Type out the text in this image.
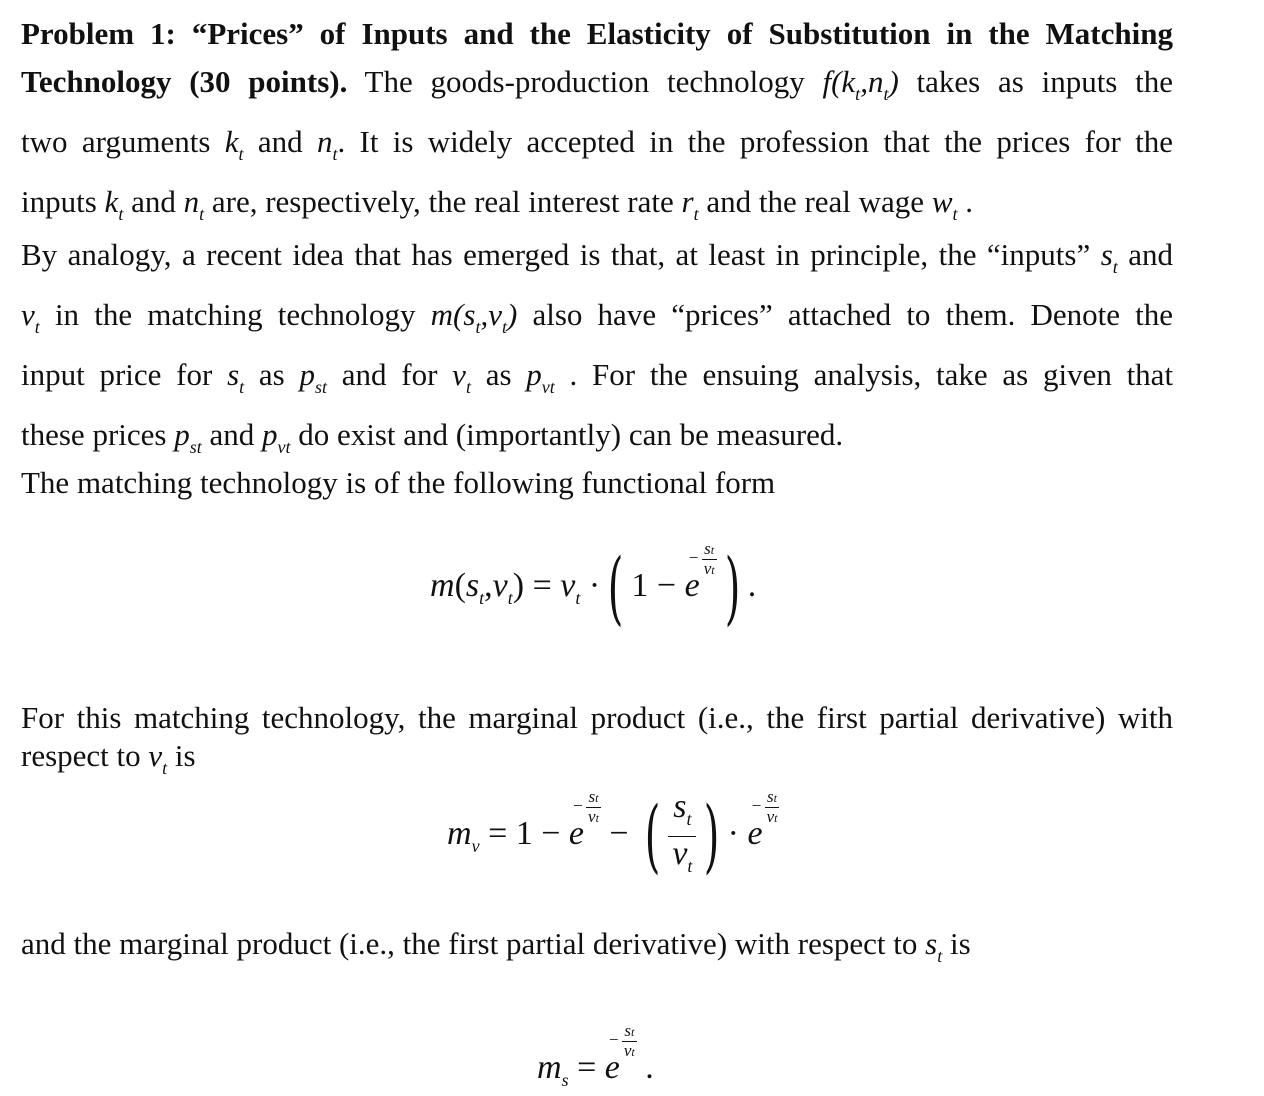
Problem 1: “Prices” of Inputs and the Elasticity of Substitution in the Matching
Technology (30 points). The goods-production technology $f(k_t,n_t)$ takes as inputs the
two arguments $k_t$ and $n_t$. It is widely accepted in the profession that the prices for the
inputs $k_t$ and $n_t$ are, respectively, the real interest rate $r_t$ and the real wage $w_t$ .
By analogy, a recent idea that has emerged is that, at least in principle, the “inputs” $s_t$ and
$v_t$ in the matching technology $m(s_t,v_t)$ also have “prices” attached to them. Denote the
input price for $s_t$ as $p_{st}$ and for $v_t$ as $p_{vt}$ . For the ensuing analysis, take as given that
these prices $p_{st}$ and $p_{vt}$ do exist and (importantly) can be measured.
The matching technology is of the following functional form
$m(s_t,v_t) = v_t$ ·( 1 − e
− st
vt ) .
For this matching technology, the marginal product (i.e., the first partial derivative) with
respect to $v_t$ is
$m_v = 1 - e$
− st
vt − ( $\frac{s_t}{v_t}$ ) · e
− st
vt
and the marginal product (i.e., the first partial derivative) with respect to $s_t$ is
$m_s = e$
− st
vt .
